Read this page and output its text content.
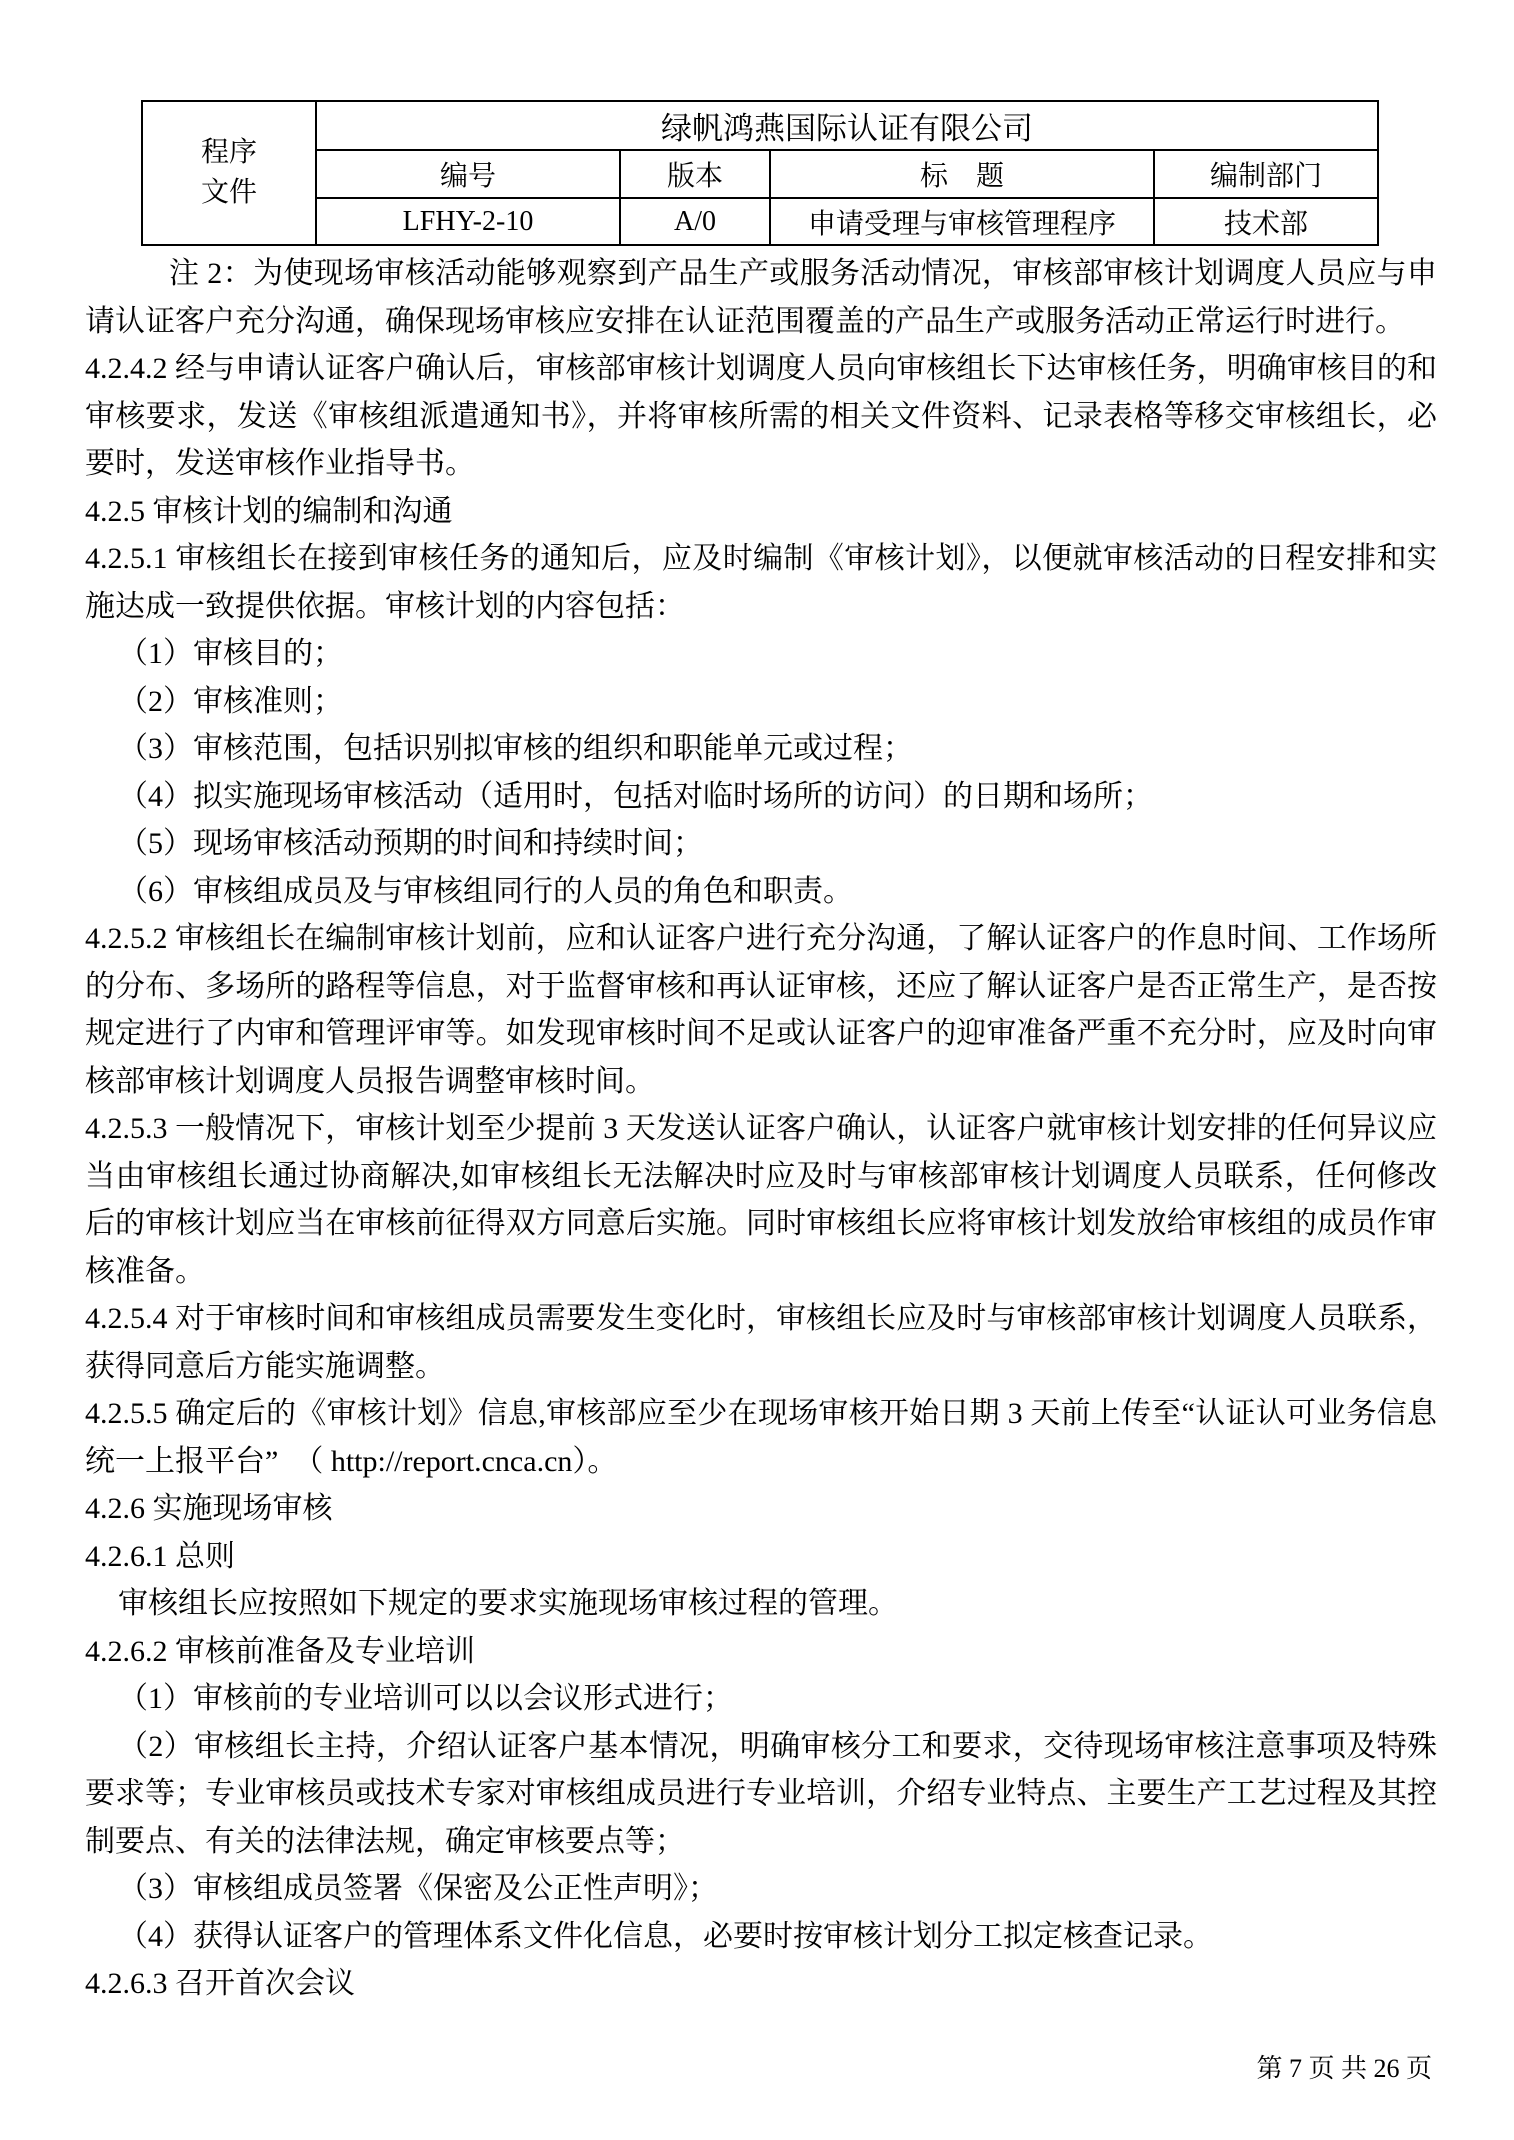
程序
文件	绿帆鸿燕国际认证有限公司			
	编号	版本	标　题	编制部门
	LFHY-2-10	A/0	申请受理与审核管理程序	技术部

注 2：为使现场审核活动能够观察到产品生产或服务活动情况，审核部审核计划调度人员应与申请认证客户充分沟通，确保现场审核应安排在认证范围覆盖的产品生产或服务活动正常运行时进行。

4.2.4.2 经与申请认证客户确认后，审核部审核计划调度人员向审核组长下达审核任务，明确审核目的和审核要求，发送《审核组派遣通知书》，并将审核所需的相关文件资料、记录表格等移交审核组长，必要时，发送审核作业指导书。

4.2.5 审核计划的编制和沟通

4.2.5.1 审核组长在接到审核任务的通知后，应及时编制《审核计划》，以便就审核活动的日程安排和实施达成一致提供依据。审核计划的内容包括：

（1）审核目的；

（2）审核准则；

（3）审核范围，包括识别拟审核的组织和职能单元或过程；

（4）拟实施现场审核活动（适用时，包括对临时场所的访问）的日期和场所；

（5）现场审核活动预期的时间和持续时间；

（6）审核组成员及与审核组同行的人员的角色和职责。

4.2.5.2 审核组长在编制审核计划前，应和认证客户进行充分沟通，了解认证客户的作息时间、工作场所的分布、多场所的路程等信息，对于监督审核和再认证审核，还应了解认证客户是否正常生产，是否按规定进行了内审和管理评审等。如发现审核时间不足或认证客户的迎审准备严重不充分时，应及时向审核部审核计划调度人员报告调整审核时间。

4.2.5.3 一般情况下，审核计划至少提前 3 天发送认证客户确认，认证客户就审核计划安排的任何异议应当由审核组长通过协商解决,如审核组长无法解决时应及时与审核部审核计划调度人员联系，任何修改后的审核计划应当在审核前征得双方同意后实施。同时审核组长应将审核计划发放给审核组的成员作审核准备。

4.2.5.4 对于审核时间和审核组成员需要发生变化时，审核组长应及时与审核部审核计划调度人员联系，获得同意后方能实施调整。

4.2.5.5 确定后的《审核计划》信息,审核部应至少在现场审核开始日期 3 天前上传至“认证认可业务信息统一上报平台”　（ http://report.cnca.cn）。

4.2.6 实施现场审核

4.2.6.1 总则

审核组长应按照如下规定的要求实施现场审核过程的管理。

4.2.6.2 审核前准备及专业培训

（1）审核前的专业培训可以以会议形式进行；

（2）审核组长主持，介绍认证客户基本情况，明确审核分工和要求，交待现场审核注意事项及特殊要求等；专业审核员或技术专家对审核组成员进行专业培训，介绍专业特点、主要生产工艺过程及其控制要点、有关的法律法规，确定审核要点等；

（3）审核组成员签署《保密及公正性声明》；

（4）获得认证客户的管理体系文件化信息，必要时按审核计划分工拟定核查记录。

4.2.6.3 召开首次会议

第 7 页 共 26 页
